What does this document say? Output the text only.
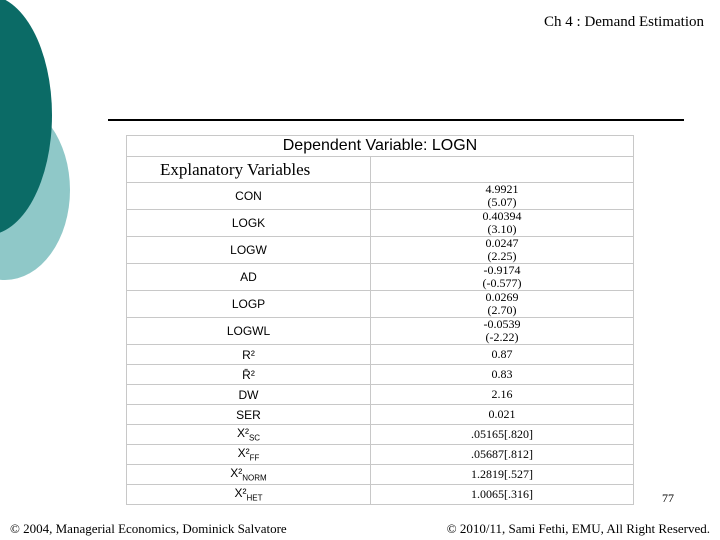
Ch 4 : Demand Estimation
Dependent Variable: LOGN	
Explanatory Variables	
CON	4.9921
(5.07)

LOGK	0.40394
(3.10)

LOGW	0.0247
(2.25)

AD	-0.9174
(-0.577)

LOGP	0.0269
(2.70)

LOGWL	-0.0539
(-2.22)

R²	0.87
R̄²	0.83
DW	2.16
SER	0.021
$X^2_{SC}$	.05165[.820]
$X^2_{FF}$	.05687[.812]
$X^2_{NORM}$	1.2819[.527]
$X^2_{HET}$	1.0065[.316]	77
© 2004, Managerial Economics, Dominick Salvatore	© 2010/11, Sami Fethi, EMU, All Right Reserved.
